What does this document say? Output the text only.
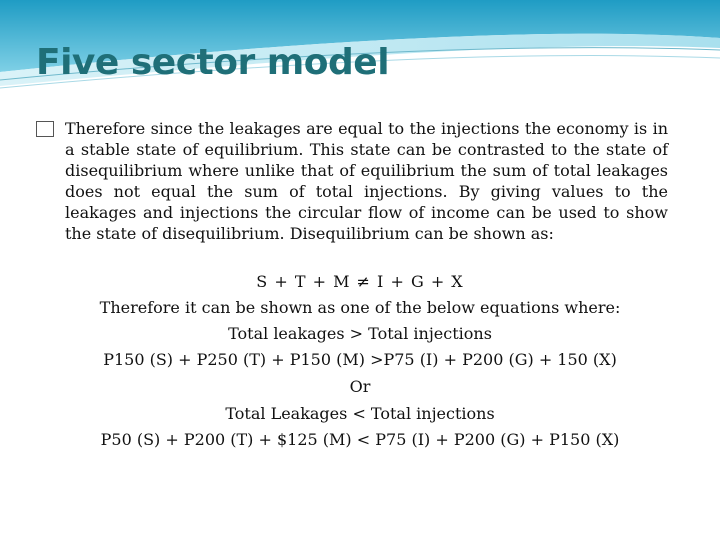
Five sector model
Therefore since the leakages are equal to the injections the economy is in a stable state of equilibrium. This state can be contrasted to the state of disequilibrium where unlike that of equilibrium the sum of total leakages does not equal the sum of total injections. By giving values to the leakages and injections the circular flow of income can be used to show the state of disequilibrium. Disequilibrium can be shown as:

S + T + M ≠ I + G + X

Therefore it can be shown as one of the below equations where:

Total leakages > Total injections

P150 (S) + P250 (T) + P150 (M) >P75 (I) + P200 (G) + 150 (X)

Or

Total Leakages < Total injections

P50 (S) + P200 (T) + $125 (M) < P75 (I) + P200 (G) + P150 (X)
